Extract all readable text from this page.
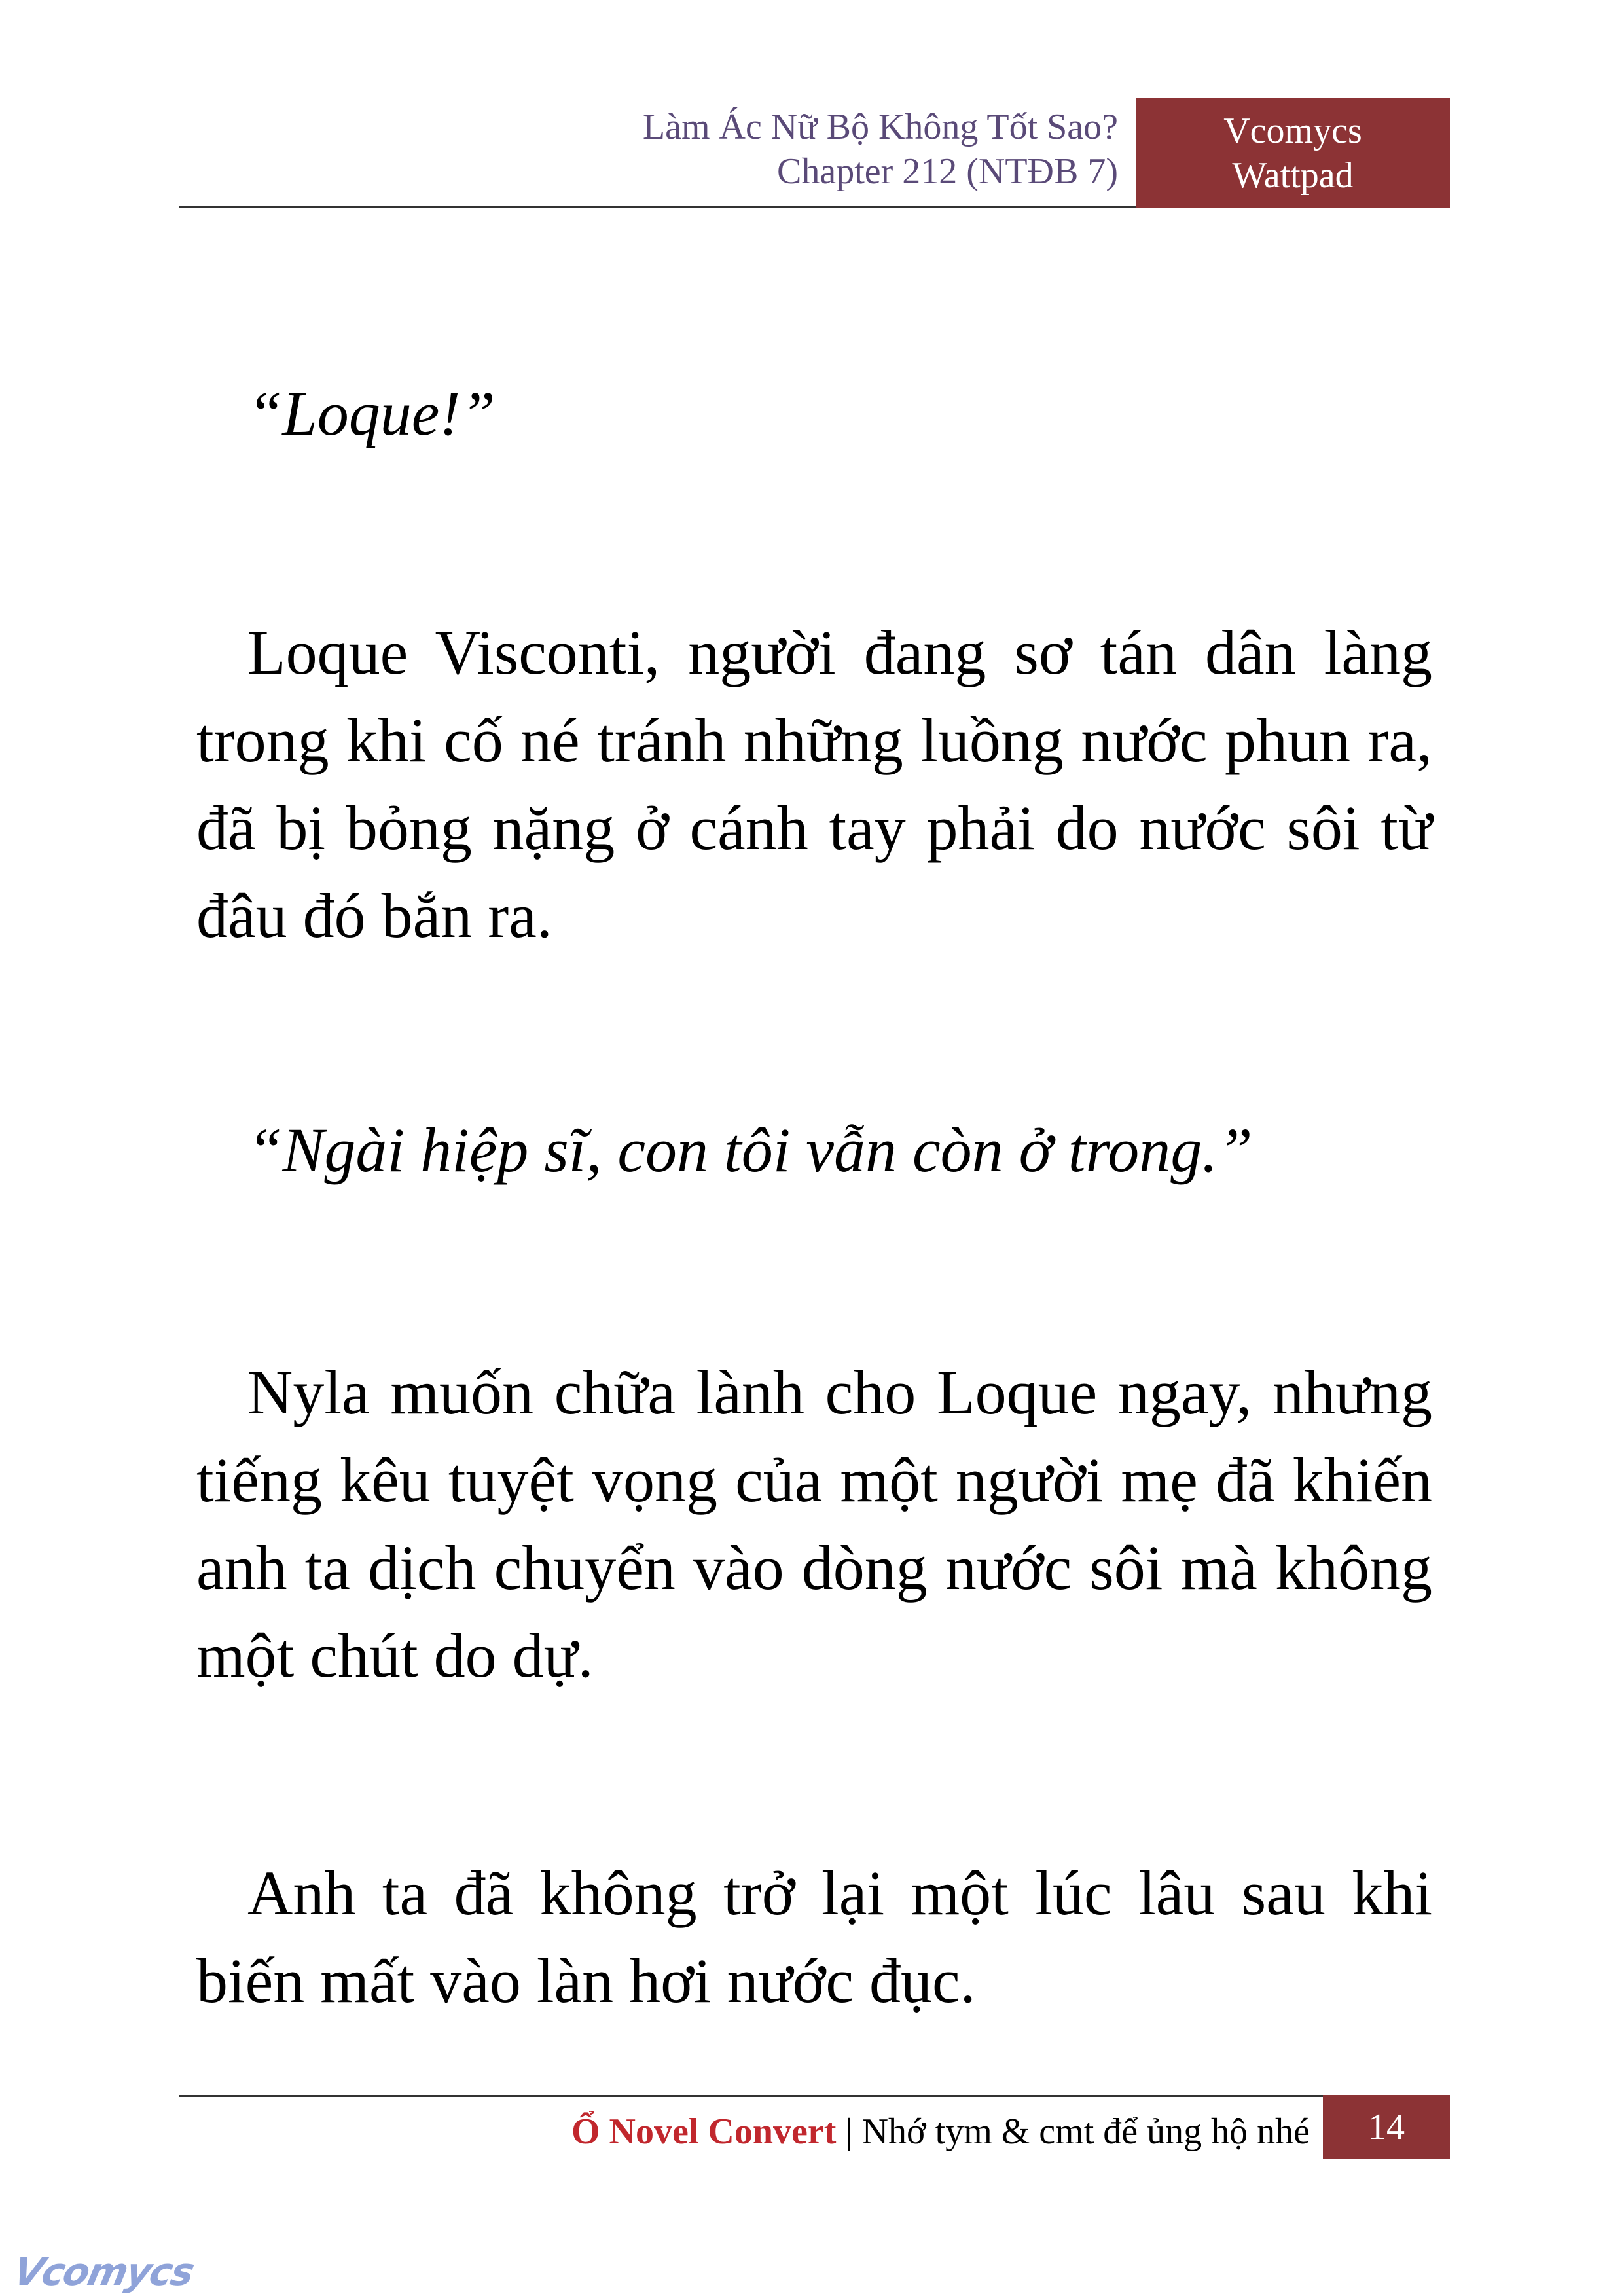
Làm Ác Nữ Bộ Không Tốt Sao?
Chapter 212 (NTĐB 7)
Vcomycs
Wattpad
“Loque!”
Loque Visconti, người đang sơ tán dân làng trong khi cố né tránh những luồng nước phun ra, đã bị bỏng nặng ở cánh tay phải do nước sôi từ đâu đó bắn ra.
“Ngài hiệp sĩ, con tôi vẫn còn ở trong.”
Nyla muốn chữa lành cho Loque ngay, nhưng tiếng kêu tuyệt vọng của một người mẹ đã khiến anh ta dịch chuyển vào dòng nước sôi mà không một chút do dự.
Anh ta đã không trở lại một lúc lâu sau khi biến mất vào làn hơi nước đục.
Ổ Novel Convert | Nhớ tym & cmt để ủng hộ nhé	14
Vcomycs
